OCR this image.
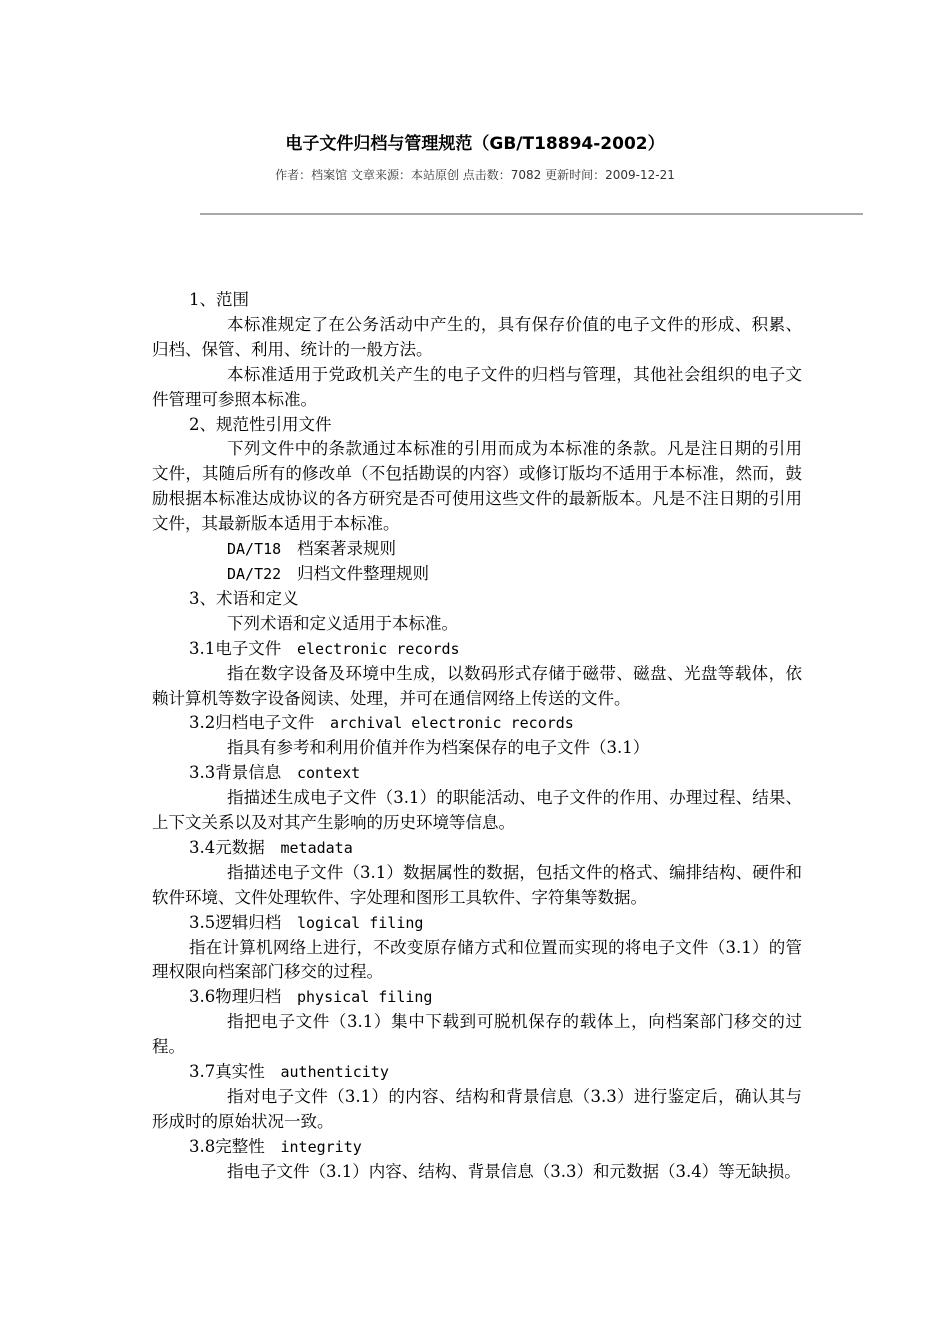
电子文件归档与管理规范（GB/T18894-2002）
作者：档案馆 文章来源：本站原创 点击数：7082 更新时间：2009-12-21

1、范围

本标准规定了在公务活动中产生的，具有保存价值的电子文件的形成、积累、归档、保管、利用、统计的一般方法。

本标准适用于党政机关产生的电子文件的归档与管理，其他社会组织的电子文件管理可参照本标准。

2、规范性引用文件

下列文件中的条款通过本标准的引用而成为本标准的条款。凡是注日期的引用文件，其随后所有的修改单（不包括勘误的内容）或修订版均不适用于本标准，然而，鼓励根据本标准达成协议的各方研究是否可使用这些文件的最新版本。凡是不注日期的引用文件，其最新版本适用于本标准。

DA/T18 档案著录规则

DA/T22 归档文件整理规则

3、术语和定义

下列术语和定义适用于本标准。

3.1电子文件 electronic records

指在数字设备及环境中生成，以数码形式存储于磁带、磁盘、光盘等载体，依赖计算机等数字设备阅读、处理，并可在通信网络上传送的文件。

3.2归档电子文件 archival electronic records

指具有参考和利用价值并作为档案保存的电子文件（3.1）

3.3背景信息 context

指描述生成电子文件（3.1）的职能活动、电子文件的作用、办理过程、结果、上下文关系以及对其产生影响的历史环境等信息。

3.4元数据 metadata

指描述电子文件（3.1）数据属性的数据，包括文件的格式、编排结构、硬件和软件环境、文件处理软件、字处理和图形工具软件、字符集等数据。

3.5逻辑归档 logical filing

指在计算机网络上进行，不改变原存储方式和位置而实现的将电子文件（3.1）的管理权限向档案部门移交的过程。

3.6物理归档 physical filing

指把电子文件（3.1）集中下载到可脱机保存的载体上，向档案部门移交的过程。

3.7真实性 authenticity

指对电子文件（3.1）的内容、结构和背景信息（3.3）进行鉴定后，确认其与形成时的原始状况一致。

3.8完整性 integrity

指电子文件（3.1）内容、结构、背景信息（3.3）和元数据（3.4）等无缺损。
